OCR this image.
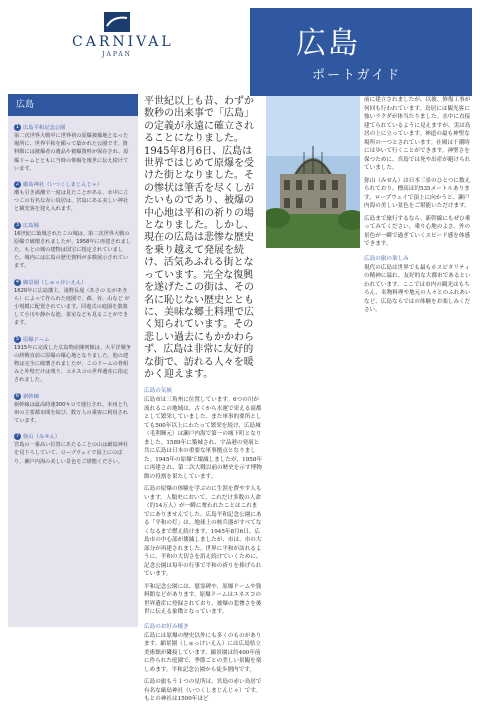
CARNIVAL
JAPAN	広島
ポートガイド
広島
1 広島平和記念公園
第二次世界大戦中に世界初の原爆被爆地となった場所に、世界平和を願って築かれた公園です。資料館には被爆者の遺品や被爆資料が保存され、原爆ドームとともに当時の惨禍を後世に伝え続けています。
2 厳島神社（いつくしまじんじゃ）
潮も引き満潮で一度は見たことがある、水中に立つこの有名な赤い鳥居は、宮島にある美しい神社と観光客を迎え入れます。
3 広島城
16世紀に築城されたこの城は、第二次世界大戦の原爆で破壊されましたが、1958年に再建されました。もとの城の建物は国宝に指定されていました。城内には広島の歴史資料が多数展示されています。
4 縮景園（しゅっけいえん）
1620年に広島藩主、浅野長晟（あさの ながあきら）によって作られた庭園で、森、谷、山など が小規模に配置されています。回遊式の庭園を散策して小川や静かな池、茶室なども見ることができます。
5 原爆ドーム
1915年に完成した広島物産陳列館は、大平洋戦争の終戦直前に原爆の爆心地となりました。他の建物は完全に破壊されましたが、このドームの骨組みと外壁だけは残り、ユネスコの世界遺産に指定されました。
6 新幹線
新幹線は最高時速300キロで運行され、本州と九州の主要都市間を結び、数万人の乗客に利用されています。
7 弥山（みせん）
宮島の一番高い位置にあたることの山は厳島神社を見下ろしていて、ロープウェイで頂上にのぼり、瀬戸内海の美しい景色をご堪能ください。
平世紀以上も昔、わずか数秒の出来事で「広島」の定義が永遠に確立されることになりました。1945年8月6日、広島は世界ではじめて原爆を受けた街となりました。その惨状は筆舌を尽くしがたいものであり、被爆の中心地は平和の祈りの場となりました。しかし、現在の広島は悲惨な歴史を乗り越えて発展を続け、活気あふれる街となっています。完全な復興を遂げたこの街は、その名に恥じない歴史とともに、美味な郷土料理で広く知られています。その悲しい過去にもかかわらず、広島は非常に友好的な街で、訪れる人々を暖かく迎えます。
広島の気候
広島市は三角州に位置しています。6つの川が流れるこの地域は、古くから水運で栄える商都として繁栄していました。また軍事的要所としても500年以上にわたって繁栄を続け、広島城（毛利輝元）は瀬戸内海で第一の城下町となりました。1589年に築城され、宇品港の発展と共に広島は日本の重要な軍事拠点となりました。1945年の原爆で壊滅しましたが、1958年に再建され、第二次大戦以前の歴史を示す博物館の役割を果たしています。
広島の原爆の体験を学ぶのに生涯を費やす人もいます。人類史において、これだけ多数の人命（約14万人）が一瞬に奪われたことはこれまでにありませんでした。広島平和記念公園にある「平和の灯」は、地球上の核兵器がすべてなくなるまで燃え続けます。1945年8月6日、広島市の中心部が壊滅しましたが、市は、市の大部分が再建されました。世界に平和が訪れるように、平和の大切さを訴え続けていくために、記念公園は毎年の行事で平和の祈りを捧げられています。
平和記念公園には、慰霊碑や、原爆ドームや資料館などがあります。原爆ドームはユネスコの世界遺産に登録されており、被爆の悲惨さを後世に伝える象徴となっています。
広島のお好み焼き
広島には原爆の歴史以外にも多くのものがあります。縮景園（しゅっけいえん）には広島県立美術館が隣接しています。縮景園は約400年前に作られた庭園で、季節ごとの美しい景観を楽しめます。平和記念公園から徒歩圏内です。
広島の旅もう１つの見所は、宮島の赤い鳥居で有名な厳島神社（いつくしまじんじゃ）です。もとの神社は1500年ほど
前に建立されましたが、以後、修復工事が何回も行われています。鳥居には観光客に強いラクダが体当たりました。水中に直接建てられているように見えますが、実は鳥居の上に立っています。神道の最も神聖な場所の一つとされています。社殿は干潮時には歩いて行くことができます。神聖さを保つために、宮島では死や出産が避けられていました。
弥山（みせん）は日本三景のひとつに数えられており、標高は約535メートルあります。ロープウェイで頂上に向かうと、瀬戸内海の美しい景色をご堪能いただけます。
広島まで旅行するなら、新幹線にもぜひ乗ってみてください。乗り心地のよさ、外の景色が一瞬で過ぎていくスピード感を体感できます。
広島の旅の楽しみ
現代の広島は世界でも最もホスピタリティの精神に溢れ、友好的な大都市であるといわれています。ここでは市内の観光はもちろん、名物料理や地元の人々とのふれあいなど、広島ならではの体験をお楽しみください。
